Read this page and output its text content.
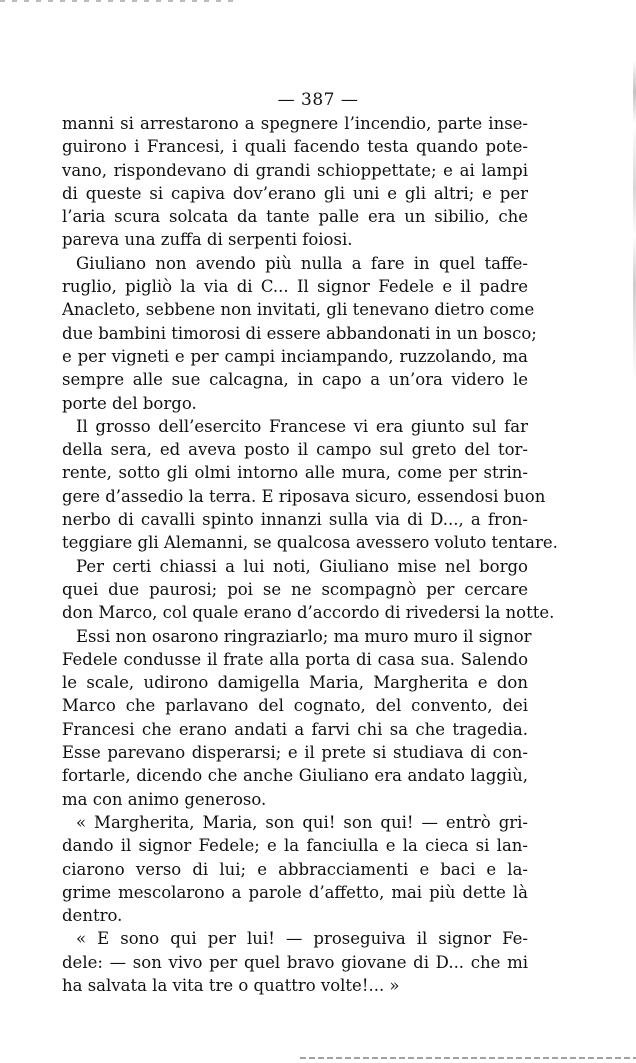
— 387 —
manni si arrestarono a spegnere l’incendio, parte inse-
guirono i Francesi, i quali facendo testa quando pote-
vano, rispondevano di grandi schioppettate; e ai lampi
di queste si capiva dov’erano gli uni e gli altri; e per
l’aria scura solcata da tante palle era un sibilio, che
pareva una zuffa di serpenti foiosi.
Giuliano non avendo più nulla a fare in quel taffe-
ruglio, pigliò la via di C... Il signor Fedele e il padre
Anacleto, sebbene non invitati, gli tenevano dietro come
due bambini timorosi di essere abbandonati in un bosco;
e per vigneti e per campi inciampando, ruzzolando, ma
sempre alle sue calcagna, in capo a un’ora videro le
porte del borgo.
Il grosso dell’esercito Francese vi era giunto sul far
della sera, ed aveva posto il campo sul greto del tor-
rente, sotto gli olmi intorno alle mura, come per strin-
gere d’assedio la terra. E riposava sicuro, essendosi buon
nerbo di cavalli spinto innanzi sulla via di D..., a fron-
teggiare gli Alemanni, se qualcosa avessero voluto tentare.
Per certi chiassi a lui noti, Giuliano mise nel borgo
quei due paurosi; poi se ne scompagnò per cercare
don Marco, col quale erano d’accordo di rivedersi la notte.
Essi non osarono ringraziarlo; ma muro muro il signor
Fedele condusse il frate alla porta di casa sua. Salendo
le scale, udirono damigella Maria, Margherita e don
Marco che parlavano del cognato, del convento, dei
Francesi che erano andati a farvi chi sa che tragedia.
Esse parevano disperarsi; e il prete si studiava di con-
fortarle, dicendo che anche Giuliano era andato laggiù,
ma con animo generoso.
« Margherita, Maria, son qui! son qui! — entrò gri-
dando il signor Fedele; e la fanciulla e la cieca si lan-
ciarono verso di lui; e abbracciamenti e baci e la-
grime mescolarono a parole d’affetto, mai più dette là
dentro.
« E sono qui per lui! — proseguiva il signor Fe-
dele: — son vivo per quel bravo giovane di D... che mi
ha salvata la vita tre o quattro volte!... »
